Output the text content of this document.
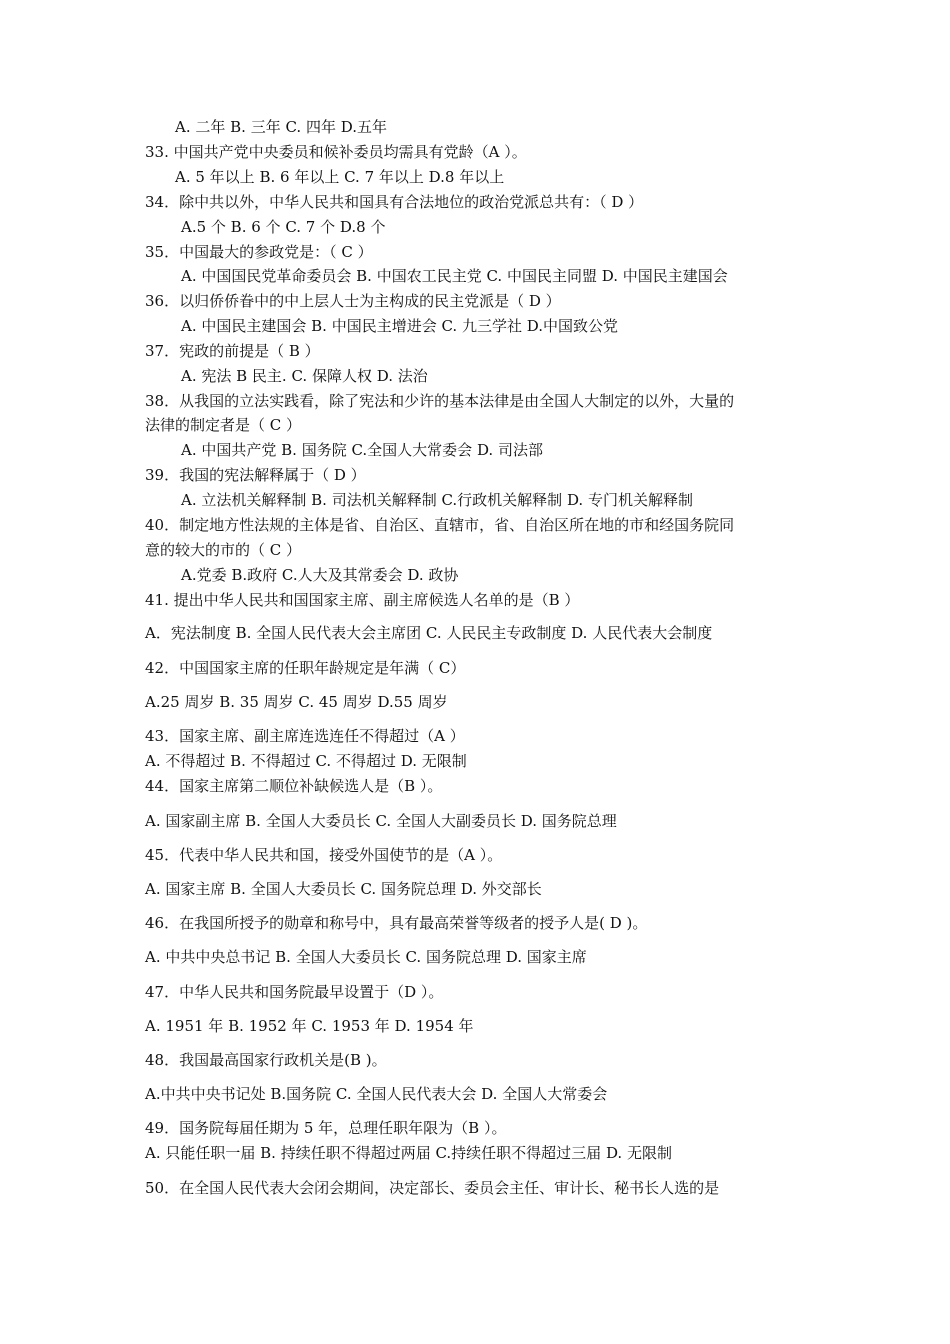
A. 二年 B. 三年 C. 四年 D.五年
33. 中国共产党中央委员和候补委员均需具有党龄（A ）。
A. 5 年以上 B. 6 年以上 C. 7 年以上 D.8 年以上
34．除中共以外，中华人民共和国具有合法地位的政治党派总共有：（ D ）
A.5 个 B. 6 个 C. 7 个 D.8 个
35．中国最大的参政党是：（ C ）
A. 中国国民党革命委员会 B. 中国农工民主党 C. 中国民主同盟 D. 中国民主建国会
36．以归侨侨眷中的中上层人士为主构成的民主党派是（ D ）
A. 中国民主建国会 B. 中国民主增进会 C. 九三学社 D.中国致公党
37．宪政的前提是（ B ）
A. 宪法 B 民主. C. 保障人权 D. 法治
38．从我国的立法实践看，除了宪法和少许的基本法律是由全国人大制定的以外，大量的
法律的制定者是（ C ）
A. 中国共产党 B. 国务院 C.全国人大常委会 D. 司法部
39．我国的宪法解释属于（ D ）
A. 立法机关解释制 B. 司法机关解释制 C.行政机关解释制 D. 专门机关解释制
40．制定地方性法规的主体是省、自治区、直辖市，省、自治区所在地的市和经国务院同
意的较大的市的（ C ）
A.党委 B.政府 C.人大及其常委会 D. 政协
41. 提出中华人民共和国国家主席、副主席候选人名单的是（B ）
A．宪法制度 B. 全国人民代表大会主席团 C. 人民民主专政制度 D. 人民代表大会制度
42．中国国家主席的任职年龄规定是年满（ C）
A.25 周岁 B. 35 周岁 C. 45 周岁 D.55 周岁
43．国家主席、副主席连选连任不得超过（A ）
A. 不得超过 B. 不得超过 C. 不得超过 D. 无限制
44．国家主席第二顺位补缺候选人是（B ）。
A. 国家副主席 B. 全国人大委员长 C. 全国人大副委员长 D. 国务院总理
45．代表中华人民共和国，接受外国使节的是（A ）。
A. 国家主席 B. 全国人大委员长 C. 国务院总理 D. 外交部长
46．在我国所授予的勋章和称号中，具有最高荣誉等级者的授予人是( D )。
A. 中共中央总书记 B. 全国人大委员长 C. 国务院总理 D. 国家主席
47．中华人民共和国务院最早设置于（D ）。
A. 1951 年 B. 1952 年 C. 1953 年 D. 1954 年
48．我国最高国家行政机关是(B )。
A.中共中央书记处 B.国务院 C. 全国人民代表大会 D. 全国人大常委会
49．国务院每届任期为 5 年，总理任职年限为（B ）。
A. 只能任职一届 B. 持续任职不得超过两届 C.持续任职不得超过三届 D. 无限制
50．在全国人民代表大会闭会期间，决定部长、委员会主任、审计长、秘书长人选的是
